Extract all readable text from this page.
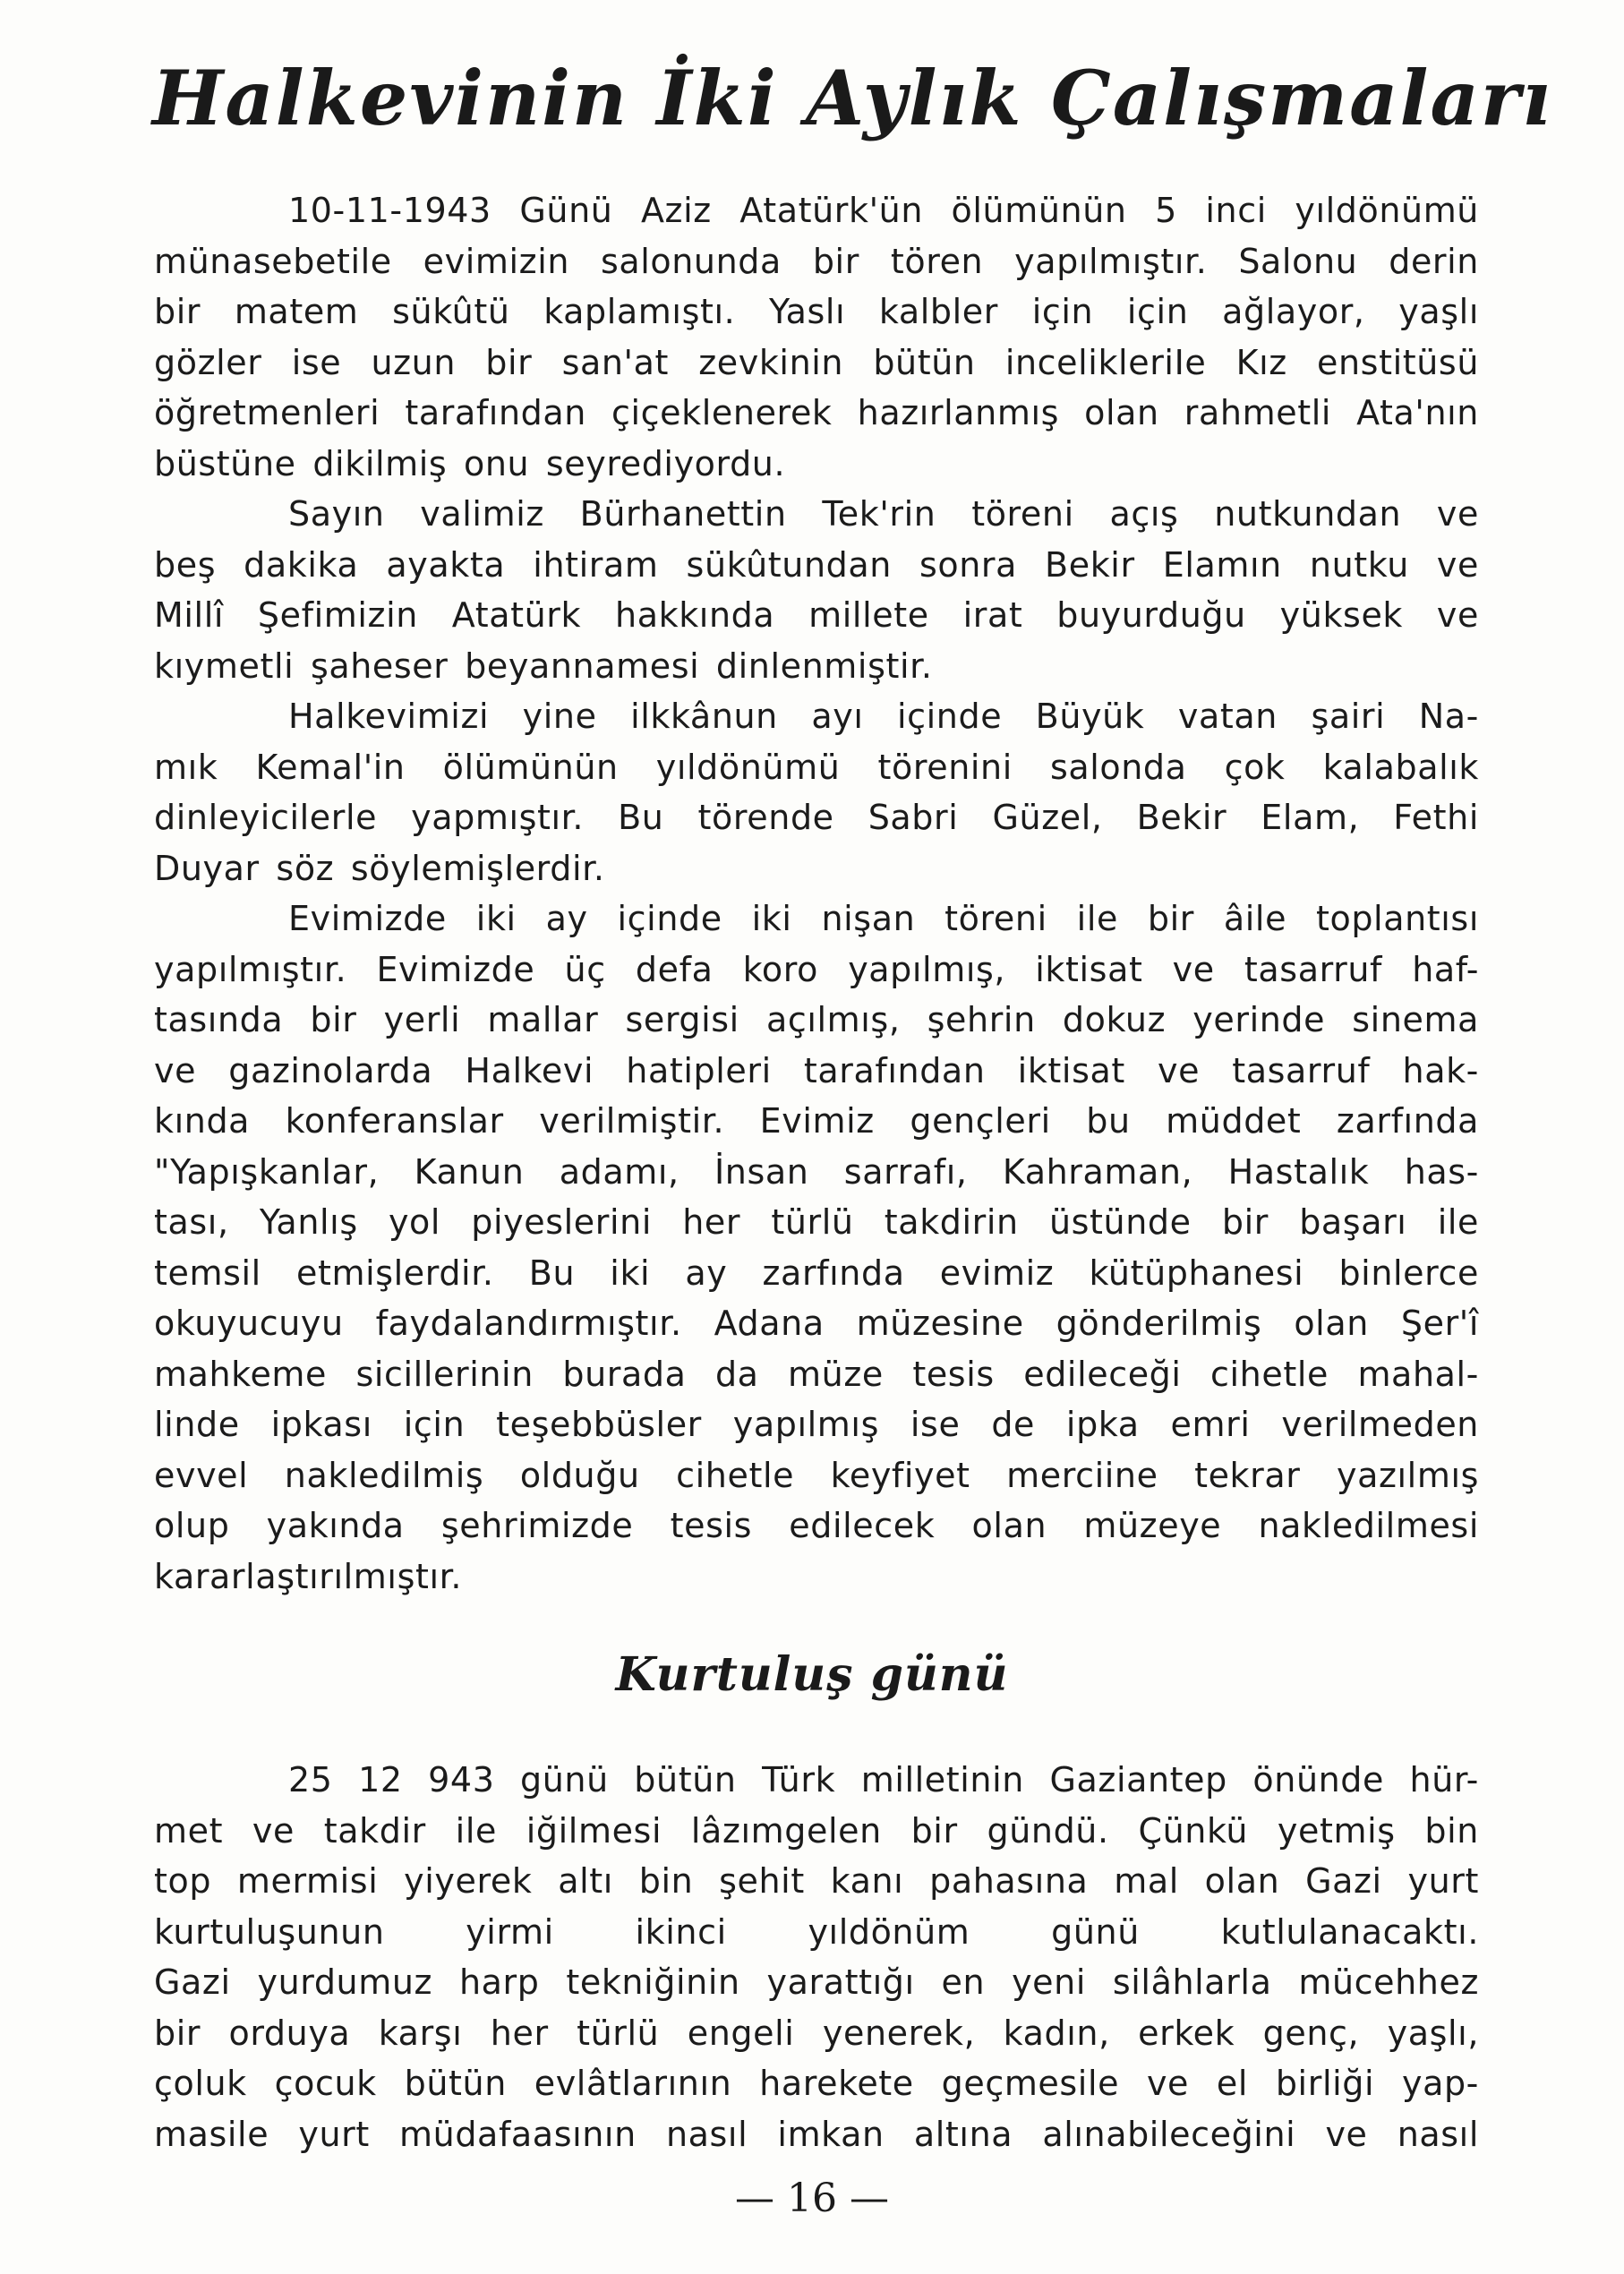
Halkevinin İki Aylık Çalışmaları
10-11-1943 Günü Aziz Atatürk'ün ölümünün 5 inci yıldönümü
münasebetile evimizin salonunda bir tören yapılmıştır. Salonu derin
bir matem sükûtü kaplamıştı. Yaslı kalbler için için ağlayor, yaşlı
gözler ise uzun bir san'at zevkinin bütün incelikleriIe Kız enstitüsü
öğretmenleri tarafından çiçeklenerek hazırlanmış olan rahmetli Ata'nın
büstüne dikilmiş onu seyrediyordu.
Sayın valimiz Bürhanettin Tek'rin töreni açış nutkundan ve
beş dakika ayakta ihtiram sükûtundan sonra Bekir Elamın nutku ve
Millî Şefimizin Atatürk hakkında millete irat buyurduğu yüksek ve
kıymetli şaheser beyannamesi dinlenmiştir.
Halkevimizi yine ilkkânun ayı içinde Büyük vatan şairi Na-
mık Kemal'in ölümünün yıldönümü törenini salonda çok kalabalık
dinleyicilerle yapmıştır. Bu törende Sabri Güzel, Bekir Elam, Fethi
Duyar söz söylemişlerdir.
Evimizde iki ay içinde iki nişan töreni ile bir âile toplantısı
yapılmıştır. Evimizde üç defa koro yapılmış, iktisat ve tasarruf haf-
tasında bir yerli mallar sergisi açılmış, şehrin dokuz yerinde sinema
ve gazinolarda Halkevi hatipleri tarafından iktisat ve tasarruf hak-
kında konferanslar verilmiştir. Evimiz gençleri bu müddet zarfında
"Yapışkanlar, Kanun adamı, İnsan sarrafı, Kahraman, Hastalık has-
tası, Yanlış yol piyeslerini her türlü takdirin üstünde bir başarı ile
temsil etmişlerdir. Bu iki ay zarfında evimiz kütüphanesi binlerce
okuyucuyu faydalandırmıştır. Adana müzesine gönderilmiş olan Şer'î
mahkeme sicillerinin burada da müze tesis edileceği cihetle mahal-
linde ipkası için teşebbüsler yapılmış ise de ipka emri verilmeden
evvel nakledilmiş olduğu cihetle keyfiyet merciine tekrar yazılmış
olup yakında şehrimizde tesis edilecek olan müzeye nakledilmesi
kararlaştırılmıştır.
Kurtuluş günü
25 12 943 günü bütün Türk milletinin Gaziantep önünde hür-
met ve takdir ile iğilmesi lâzımgelen bir gündü. Çünkü yetmiş bin
top mermisi yiyerek altı bin şehit kanı pahasına mal olan Gazi yurt
kurtuluşunun yirmi ikinci yıldönüm günü kutlulanacaktı.
Gazi yurdumuz harp tekniğinin yarattığı en yeni silâhlarla mücehhez
bir orduya karşı her türlü engeli yenerek, kadın, erkek genç, yaşlı,
çoluk çocuk bütün evlâtlarının harekete geçmesile ve el birliği yap-
masile yurt müdafaasının nasıl imkan altına alınabileceğini ve nasıl
— 16 —
